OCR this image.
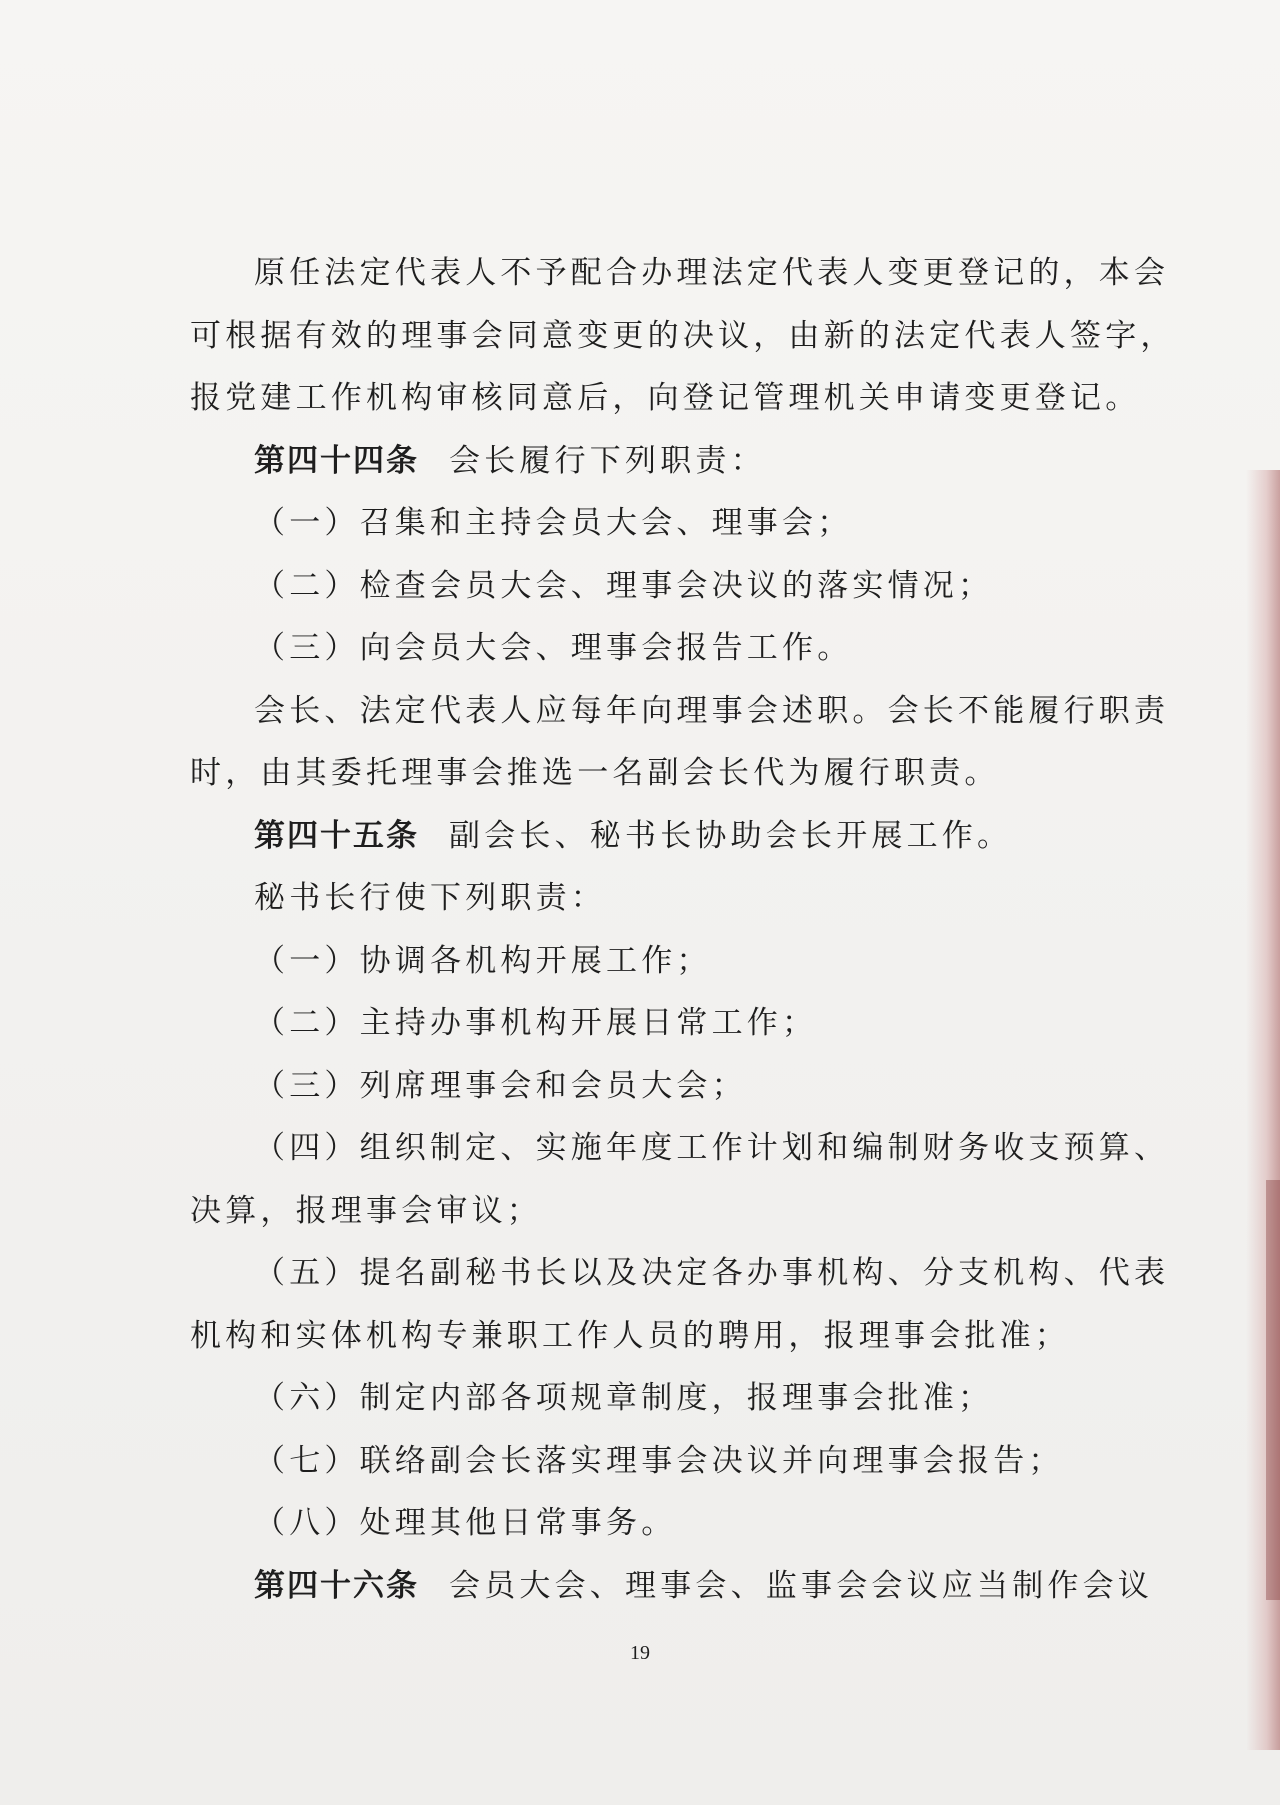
原任法定代表人不予配合办理法定代表人变更登记的，本会
可根据有效的理事会同意变更的决议，由新的法定代表人签字，
报党建工作机构审核同意后，向登记管理机关申请变更登记。
第四十四条 会长履行下列职责：
（一）召集和主持会员大会、理事会；
（二）检查会员大会、理事会决议的落实情况；
（三）向会员大会、理事会报告工作。
会长、法定代表人应每年向理事会述职。会长不能履行职责
时，由其委托理事会推选一名副会长代为履行职责。
第四十五条 副会长、秘书长协助会长开展工作。
秘书长行使下列职责：
（一）协调各机构开展工作；
（二）主持办事机构开展日常工作；
（三）列席理事会和会员大会；
（四）组织制定、实施年度工作计划和编制财务收支预算、
决算，报理事会审议；
（五）提名副秘书长以及决定各办事机构、分支机构、代表
机构和实体机构专兼职工作人员的聘用，报理事会批准；
（六）制定内部各项规章制度，报理事会批准；
（七）联络副会长落实理事会决议并向理事会报告；
（八）处理其他日常事务。
第四十六条 会员大会、理事会、监事会会议应当制作会议
19
